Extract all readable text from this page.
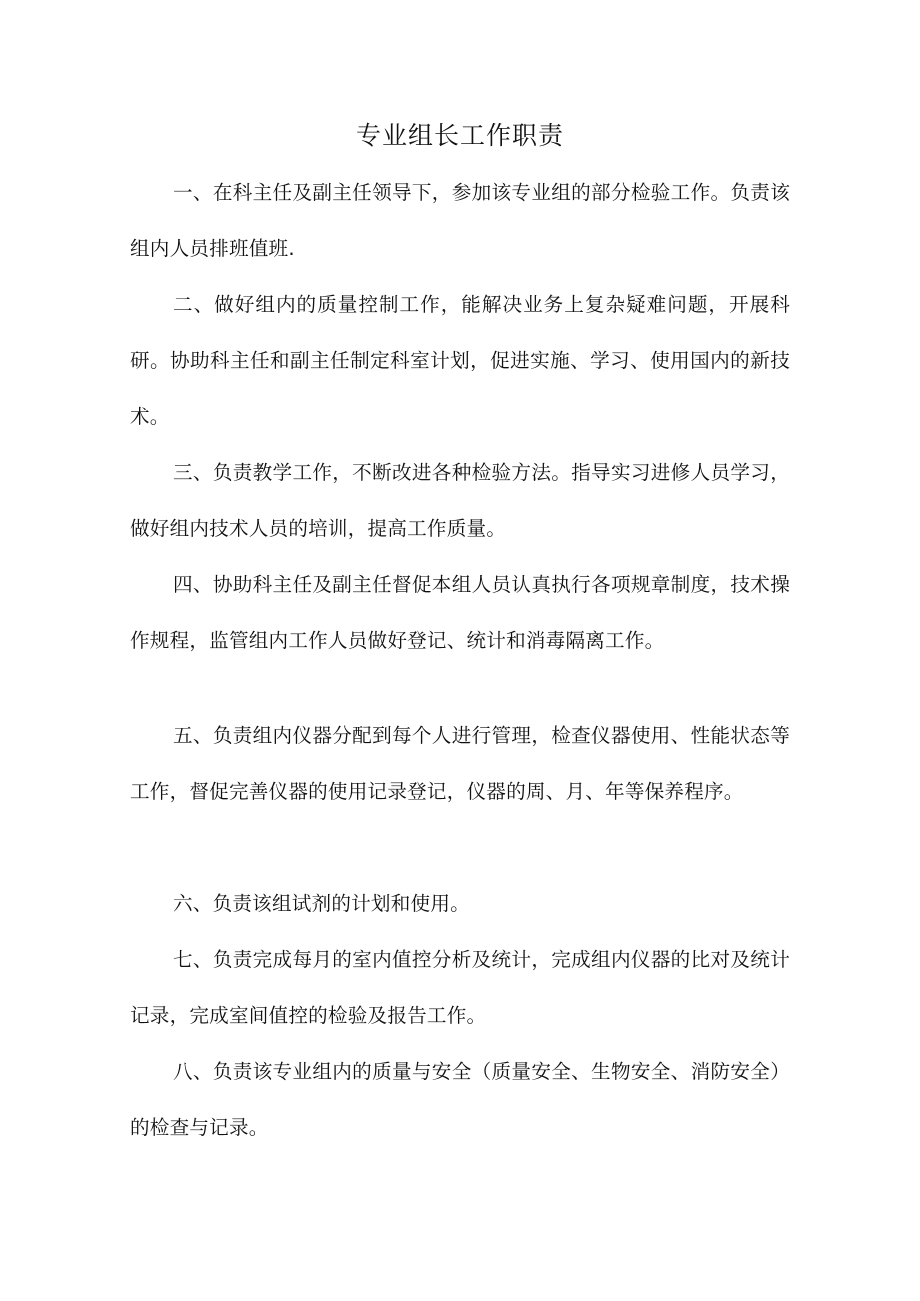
专业组长工作职责

一、在科主任及副主任领导下，参加该专业组的部分检验工作。负责该组内人员排班值班.

二、做好组内的质量控制工作，能解决业务上复杂疑难问题，开展科研。协助科主任和副主任制定科室计划，促进实施、学习、使用国内的新技术。

三、负责教学工作，不断改进各种检验方法。指导实习进修人员学习，做好组内技术人员的培训，提高工作质量。

四、协助科主任及副主任督促本组人员认真执行各项规章制度，技术操作规程，监管组内工作人员做好登记、统计和消毒隔离工作。

五、负责组内仪器分配到每个人进行管理，检查仪器使用、性能状态等工作，督促完善仪器的使用记录登记，仪器的周、月、年等保养程序。

六、负责该组试剂的计划和使用。

七、负责完成每月的室内值控分析及统计，完成组内仪器的比对及统计记录，完成室间值控的检验及报告工作。

八、负责该专业组内的质量与安全（质量安全、生物安全、消防安全）的检查与记录。
